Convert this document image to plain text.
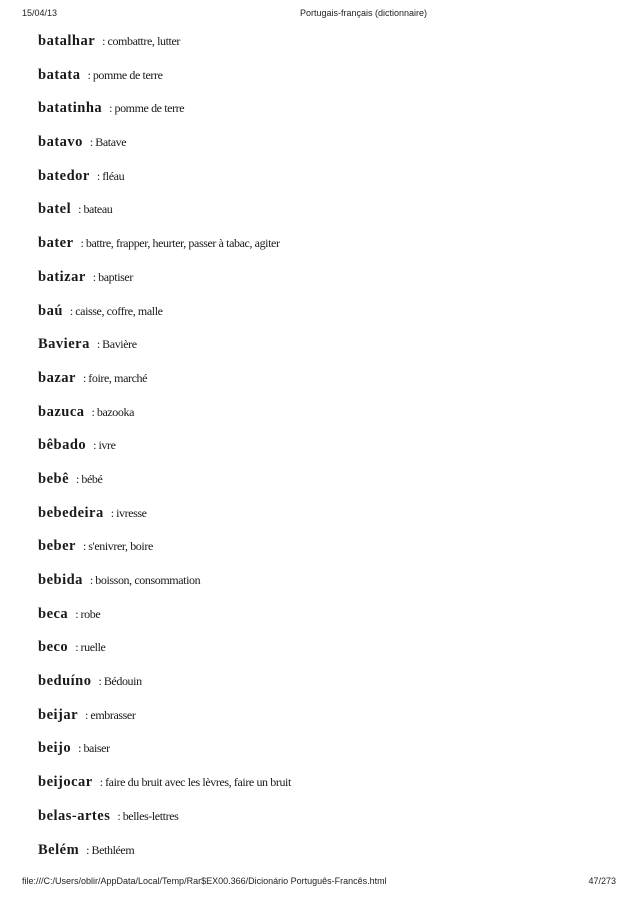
15/04/13	Portugais-français (dictionnaire)
batalhar : combattre, lutter
batata : pomme de terre
batatinha : pomme de terre
batavo : Batave
batedor : fléau
batel : bateau
bater : battre, frapper, heurter, passer à tabac, agiter
batizar : baptiser
baú : caisse, coffre, malle
Baviera : Bavière
bazar : foire, marché
bazuca : bazooka
bêbado : ivre
bebê : bébé
bebedeira : ivresse
beber : s'enivrer, boire
bebida : boisson, consommation
beca : robe
beco : ruelle
beduíno : Bédouin
beijar : embrasser
beijo : baiser
beijocar : faire du bruit avec les lèvres, faire un bruit
belas-artes : belles-lettres
Belém : Bethléem
file:///C:/Users/oblir/AppData/Local/Temp/Rar$EX00.366/Dicionário Português-Francês.html	47/273
